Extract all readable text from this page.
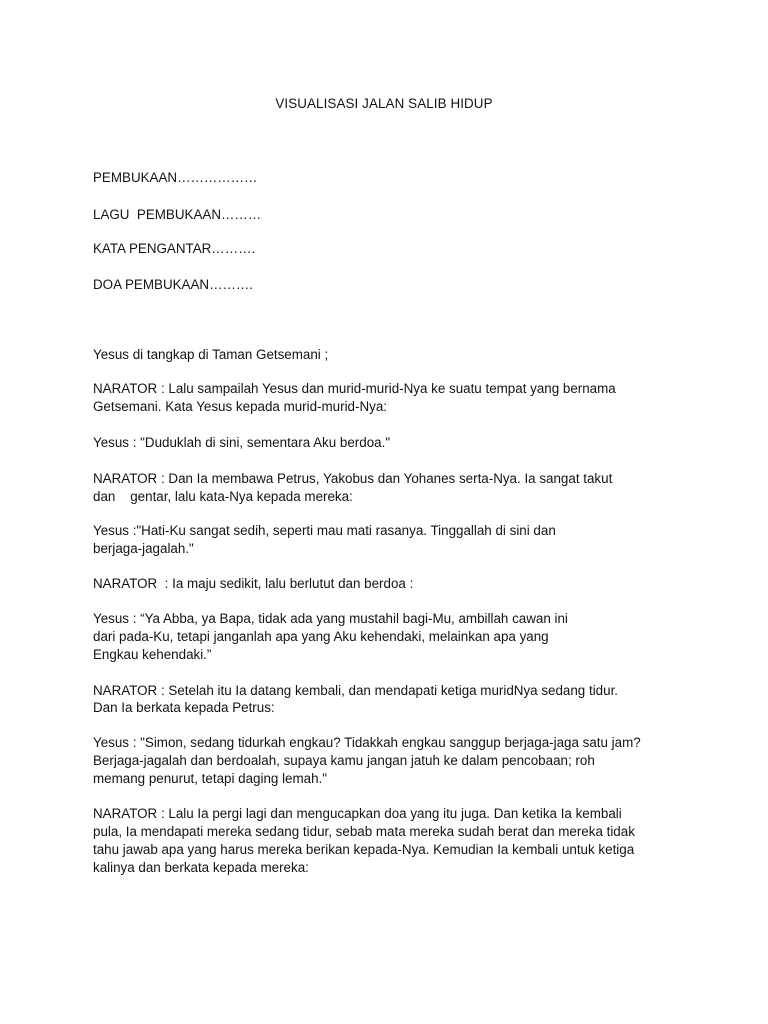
VISUALISASI JALAN SALIB HIDUP
PEMBUKAAN………………
LAGU  PEMBUKAAN………
KATA PENGANTAR……….
DOA PEMBUKAAN……….
Yesus di tangkap di Taman Getsemani ;
NARATOR : Lalu sampailah Yesus dan murid-murid-Nya ke suatu tempat yang bernama
Getsemani. Kata Yesus kepada murid-murid-Nya:
Yesus : "Duduklah di sini, sementara Aku berdoa."
NARATOR : Dan Ia membawa Petrus, Yakobus dan Yohanes serta-Nya. Ia sangat takut
dan    gentar, lalu kata-Nya kepada mereka:
Yesus :"Hati-Ku sangat sedih, seperti mau mati rasanya. Tinggallah di sini dan
berjaga-jagalah."
NARATOR  : Ia maju sedikit, lalu berlutut dan berdoa :
Yesus : “Ya Abba, ya Bapa, tidak ada yang mustahil bagi-Mu, ambillah cawan ini
dari pada-Ku, tetapi janganlah apa yang Aku kehendaki, melainkan apa yang
Engkau kehendaki.”
NARATOR : Setelah itu Ia datang kembali, dan mendapati ketiga muridNya sedang tidur.
Dan Ia berkata kepada Petrus:
Yesus : "Simon, sedang tidurkah engkau? Tidakkah engkau sanggup berjaga-jaga satu jam?
Berjaga-jagalah dan berdoalah, supaya kamu jangan jatuh ke dalam pencobaan; roh
memang penurut, tetapi daging lemah."
NARATOR : Lalu Ia pergi lagi dan mengucapkan doa yang itu juga. Dan ketika Ia kembali
pula, Ia mendapati mereka sedang tidur, sebab mata mereka sudah berat dan mereka tidak
tahu jawab apa yang harus mereka berikan kepada-Nya. Kemudian Ia kembali untuk ketiga
kalinya dan berkata kepada mereka:
